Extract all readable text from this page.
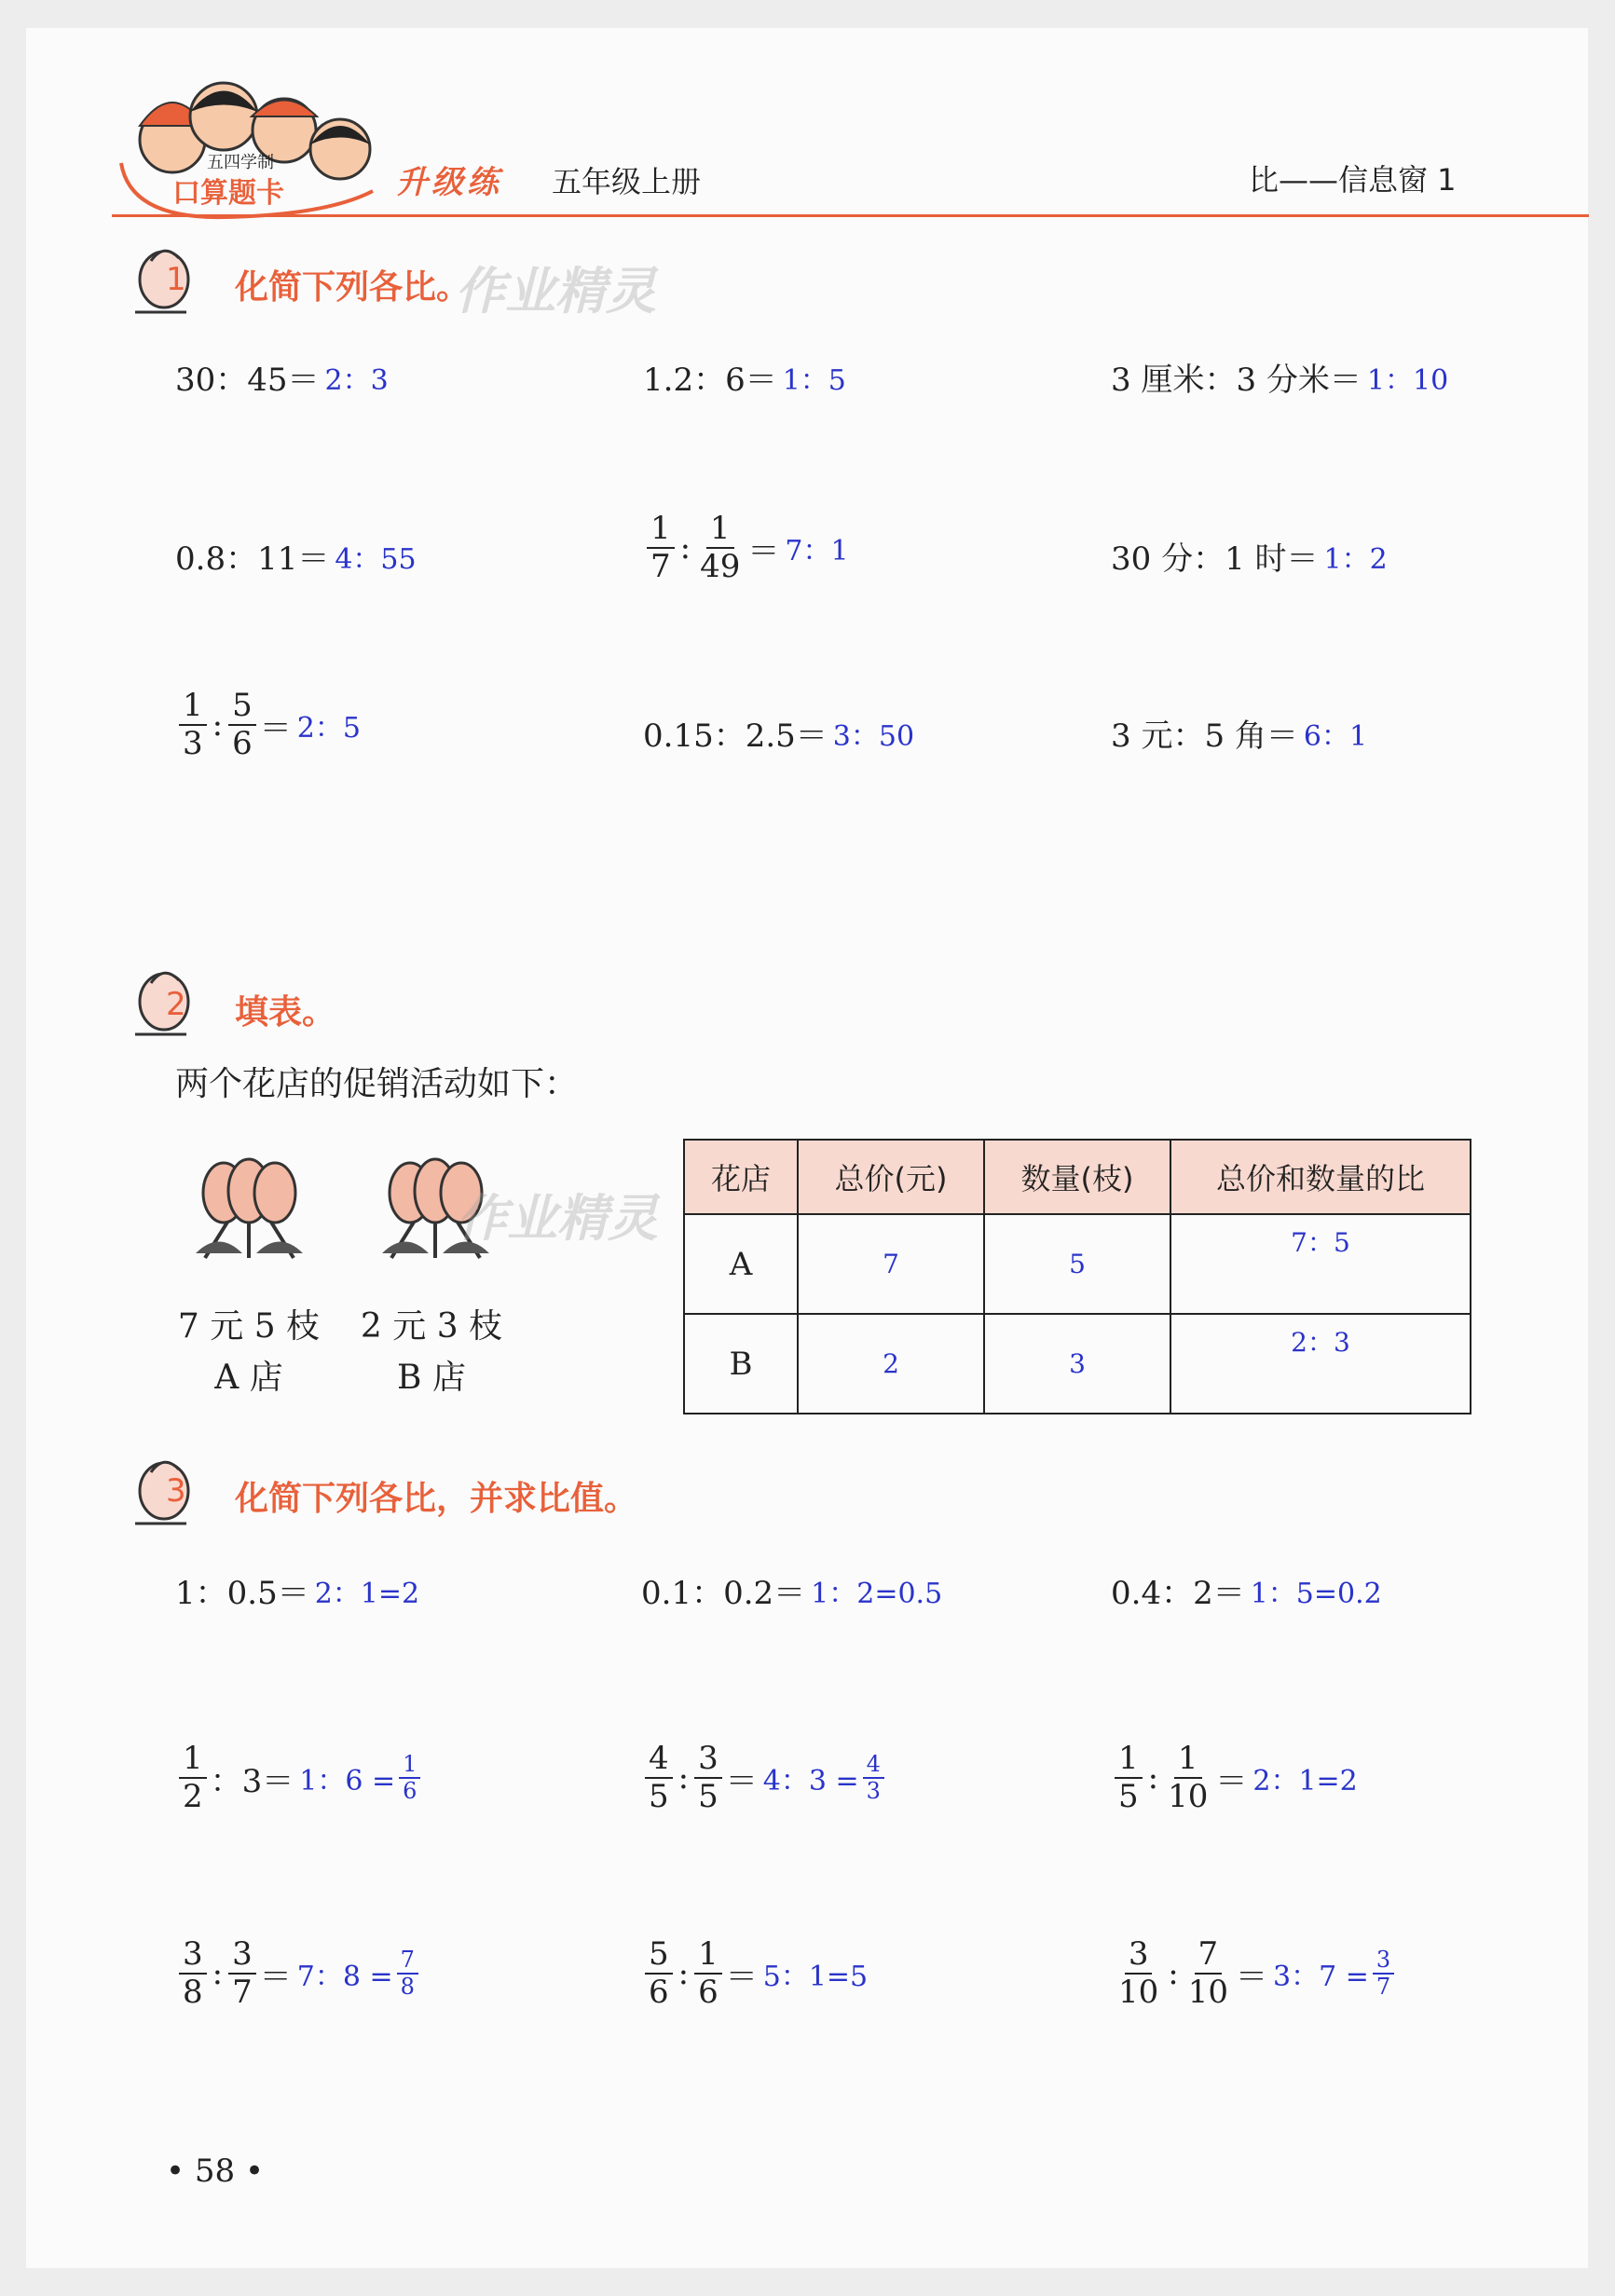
五四学制
口算题卡	升级练 五年级上册	比——信息窗 1
1 化简下列各比。
作业精灵
30：45＝ 2：3	1.2：6＝ 1：5	3 厘米：3 分米＝ 1：10
0.8：11＝ 4：55	$\frac{1}{7}$ : $\frac{1}{49} = 7$：1	30 分：1 时＝ 1：2
$\frac{1}{3}$ : $\frac{5}{6} = 2$：5	0.15：2.5＝ 3：50	3 元：5 角＝ 6：1
2 填表。
两个花店的促销活动如下：
作业精灵
7 元 5 枝
A 店
2 元 3 枝
B 店
花店	总价(元)	数量(枝)	总价和数量的比
A	7	5	7：5
B	2	3	2：3
3 化简下列各比，并求比值。
1：0.5＝ 2：1=2	0.1：0.2＝ 1：2=0.5	0.4：2＝ 1：5=0.2
$\frac{1}{2}$ ：3＝ 1：$6 = \frac{1}{6}$	$\frac{4}{5}$ : $\frac{3}{5} = 4$：$3 = \frac{4}{3}$	$\frac{1}{5}$ : $\frac{1}{10} = 2$：1=2
$\frac{3}{8}$ : $\frac{3}{7} = 7$：$8 = \frac{7}{8}$	$\frac{5}{6}$ : $\frac{1}{6} = 5$：1=5	$\frac{3}{10}$ : $\frac{7}{10} = 3$：$7 = \frac{3}{7}$
• 58 •
